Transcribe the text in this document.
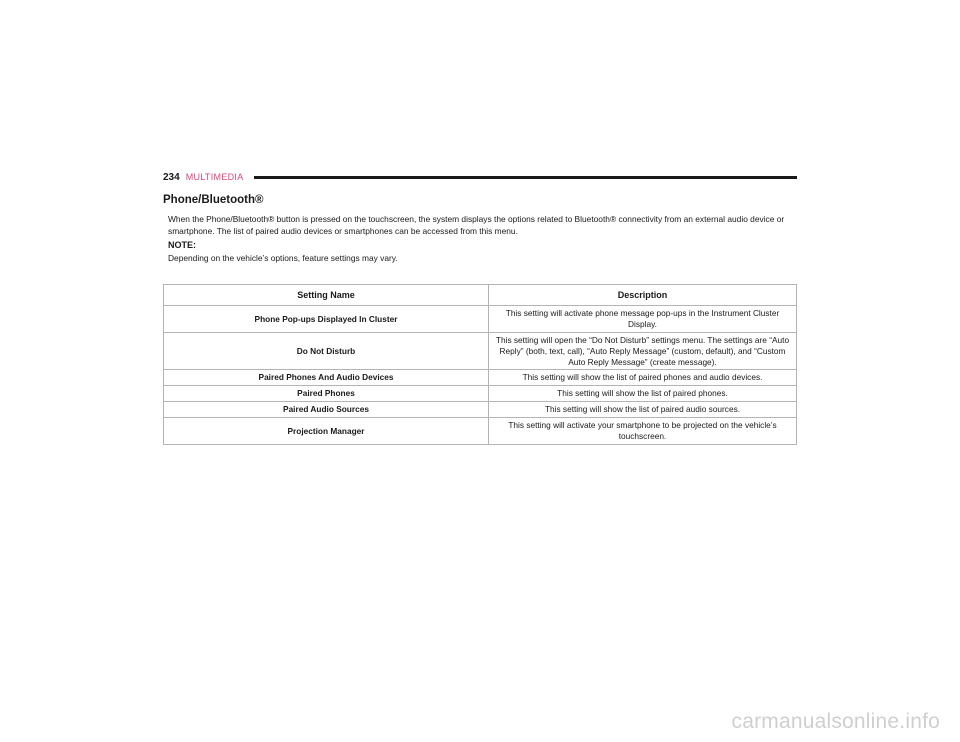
234 MULTIMEDIA
Phone/Bluetooth®

When the Phone/Bluetooth® button is pressed on the touchscreen, the system displays the options related to Bluetooth® connectivity from an external audio device or smartphone. The list of paired audio devices or smartphones can be accessed from this menu.

NOTE:

Depending on the vehicle’s options, feature settings may vary.

Setting Name	Description
Phone Pop-ups Displayed In Cluster	This setting will activate phone message pop-ups in the Instrument Cluster Display.
Do Not Disturb	This setting will open the “Do Not Disturb” settings menu. The settings are “Auto Reply” (both, text, call), “Auto Reply Message” (custom, default), and “Custom Auto Reply Message” (create message).
Paired Phones And Audio Devices	This setting will show the list of paired phones and audio devices.
Paired Phones	This setting will show the list of paired phones.
Paired Audio Sources	This setting will show the list of paired audio sources.
Projection Manager	This setting will activate your smartphone to be projected on the vehicle’s touchscreen.
carmanualsonline.info
